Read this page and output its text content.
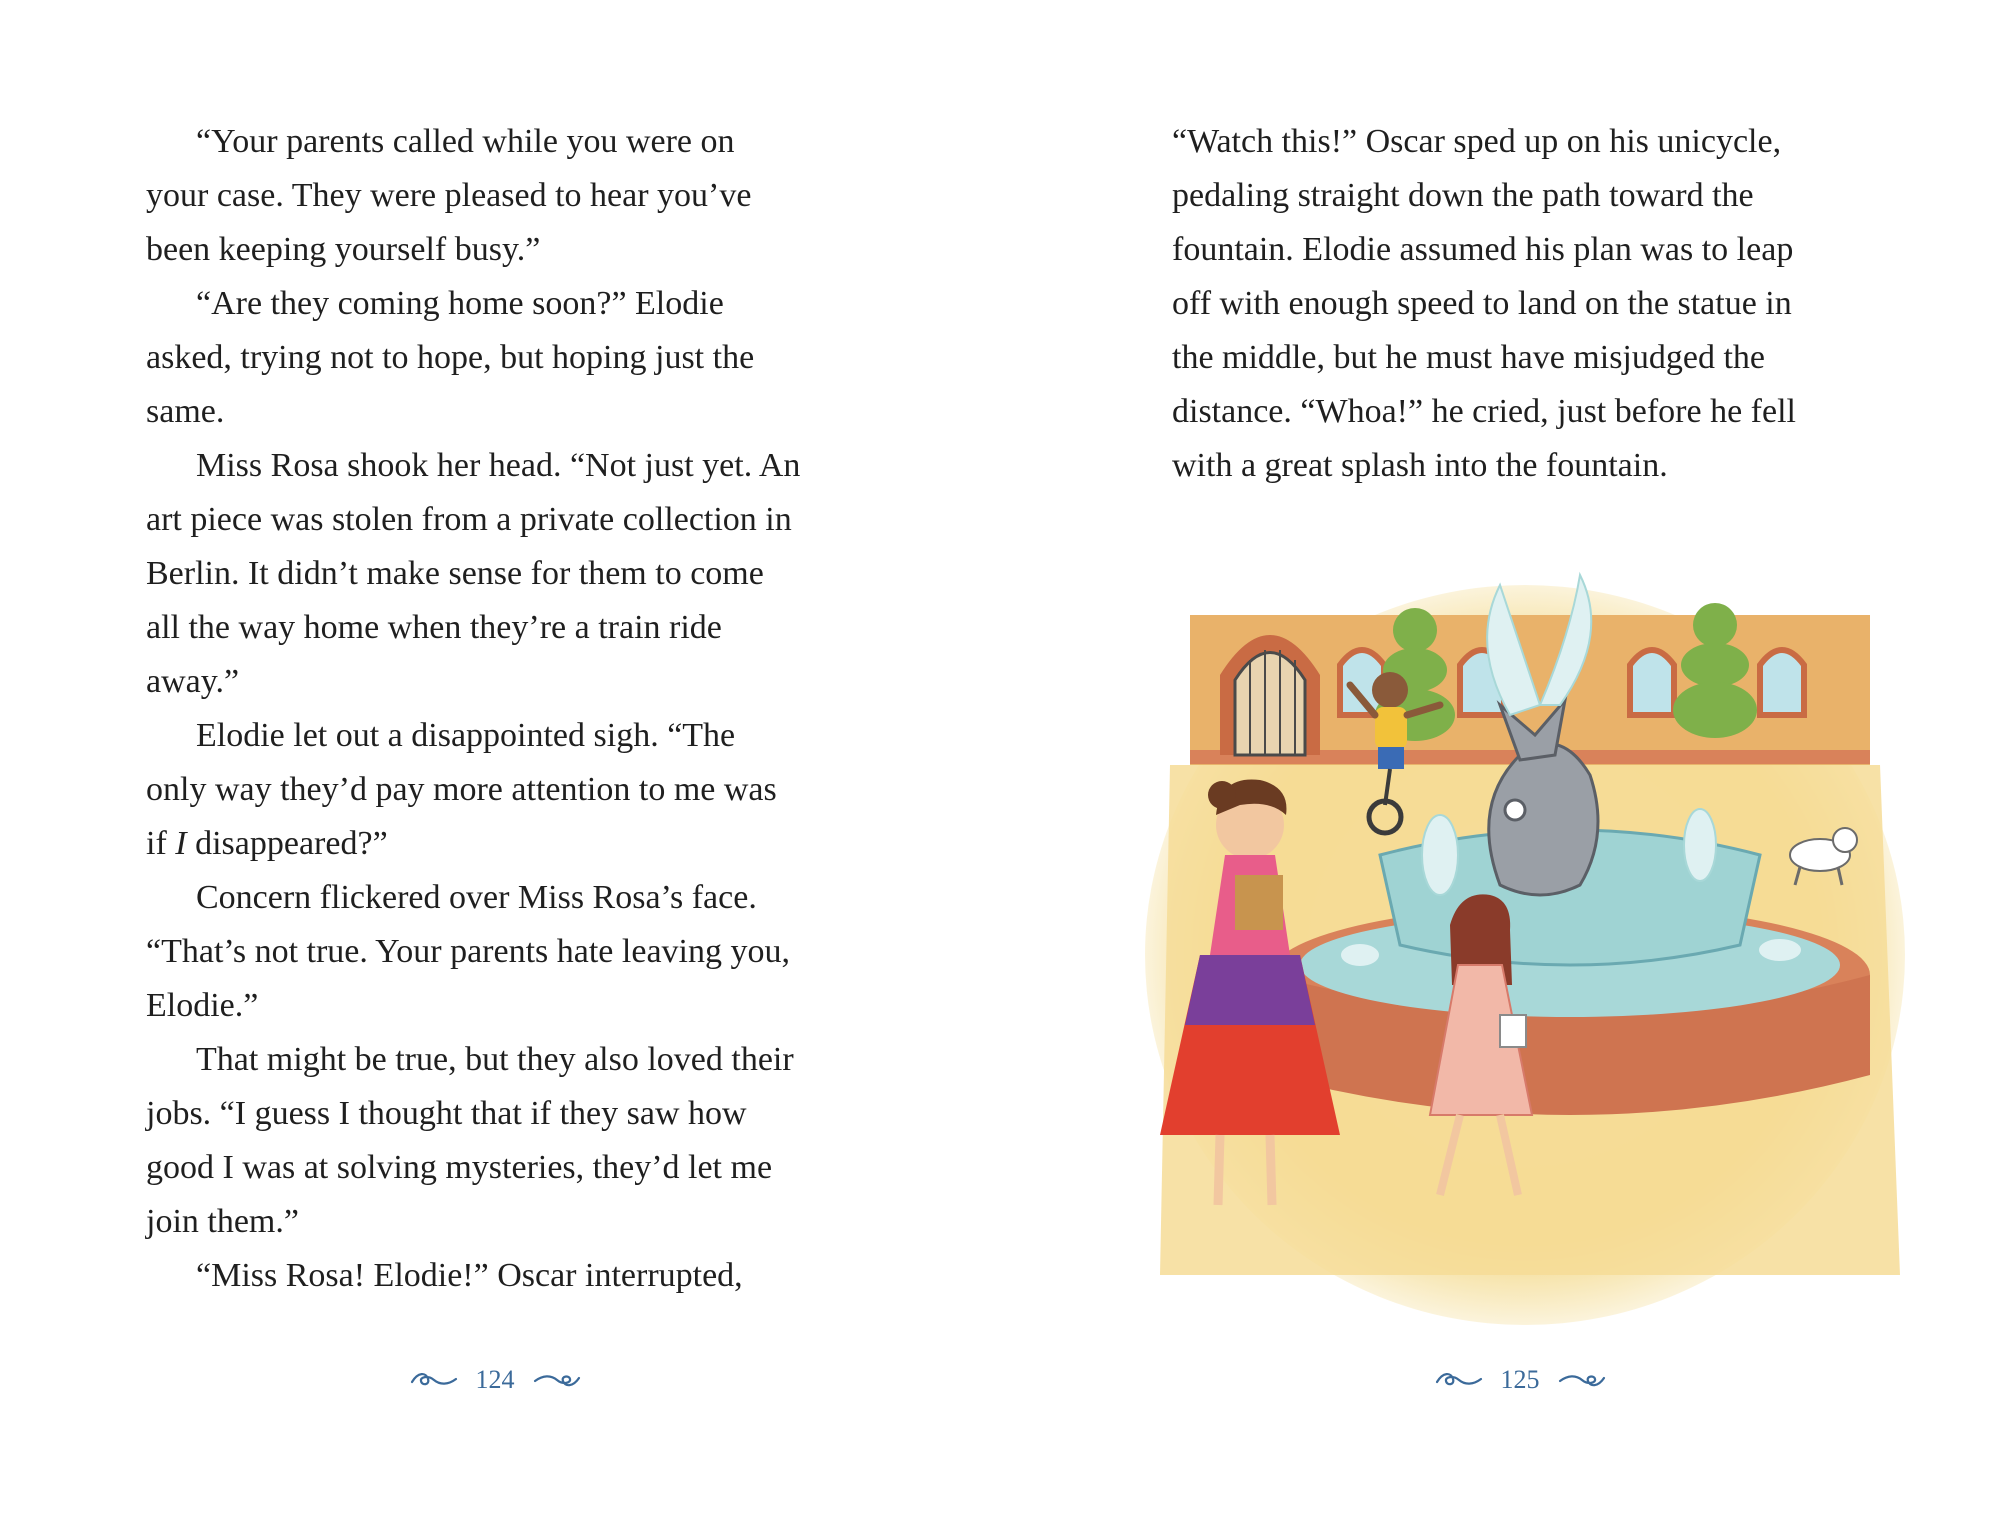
“Your parents called while you were on
your case. They were pleased to hear you’ve
been keeping yourself busy.”
“Are they coming home soon?” Elodie
asked, trying not to hope, but hoping just the
same.
Miss Rosa shook her head. “Not just yet. An
art piece was stolen from a private collection in
Berlin. It didn’t make sense for them to come
all the way home when they’re a train ride
away.”
Elodie let out a disappointed sigh. “The
only way they’d pay more attention to me was
if I disappeared?”
Concern flickered over Miss Rosa’s face.
“That’s not true. Your parents hate leaving you,
Elodie.”
That might be true, but they also loved their
jobs. “I guess I thought that if they saw how
good I was at solving mysteries, they’d let me
join them.”
“Miss Rosa! Elodie!” Oscar interrupted,
124
“Watch this!” Oscar sped up on his unicycle,
pedaling straight down the path toward the
fountain. Elodie assumed his plan was to leap
off with enough speed to land on the statue in
the middle, but he must have misjudged the
distance. “Whoa!” he cried, just before he fell
with a great splash into the fountain.
125
